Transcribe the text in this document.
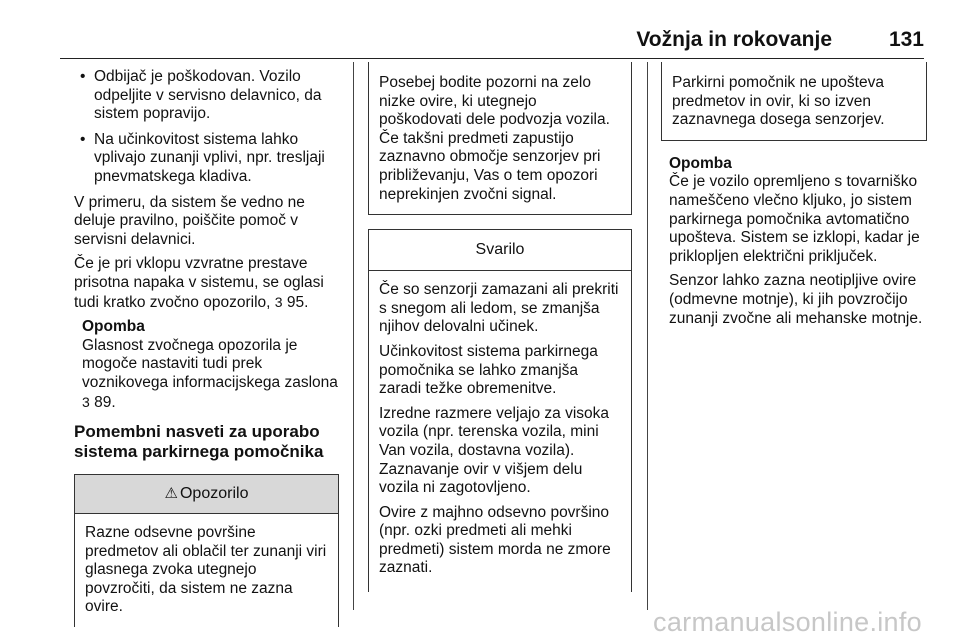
Vožnja in rokovanje	131
• Odbijač je poškodovan. Vozilo odpeljite v servisno delavnico, da sistem popravijo.
• Na učinkovitost sistema lahko vplivajo zunanji vplivi, npr. tresljaji pnevmatskega kladiva.

V primeru, da sistem še vedno ne deluje pravilno, poiščite pomoč v servisni delavnici.

Če je pri vklopu vzvratne prestave prisotna napaka v sistemu, se oglasi tudi kratko zvočno opozorilo, 3 95.

Opomba
Glasnost zvočnega opozorila je mogoče nastaviti tudi prek voznikovega informacijskega zaslona 3 89.
Pomembni nasveti za uporabo sistema parkirnega pomočnika
⚠ Opozorilo
Razne odsevne površine predmetov ali oblačil ter zunanji viri glasnega zvoka utegnejo povzročiti, da sistem ne zazna ovire.
Posebej bodite pozorni na zelo nizke ovire, ki utegnejo poškodovati dele podvozja vozila. Če takšni predmeti zapustijo zaznavno območje senzorjev pri približevanju, Vas o tem opozori neprekinjen zvočni signal.
Svarilo

Če so senzorji zamazani ali prekriti s snegom ali ledom, se zmanjša njihov delovalni učinek.

Učinkovitost sistema parkirnega pomočnika se lahko zmanjša zaradi težke obremenitve.

Izredne razmere veljajo za visoka vozila (npr. terenska vozila, mini Van vozila, dostavna vozila). Zaznavanje ovir v višjem delu vozila ni zagotovljeno.

Ovire z majhno odsevno površino (npr. ozki predmeti ali mehki predmeti) sistem morda ne zmore zaznati.

Parkirni pomočnik ne upošteva predmetov in ovir, ki so izven zaznavnega dosega senzorjev.
Opomba

Če je vozilo opremljeno s tovarniško nameščeno vlečno kljuko, jo sistem parkirnega pomočnika avtomatično upošteva. Sistem se izklopi, kadar je priklopljen električni priključek.

Senzor lahko zazna neotipljive ovire (odmevne motnje), ki jih povzročijo zunanji zvočne ali mehanske motnje.

carmanualsonline.info
